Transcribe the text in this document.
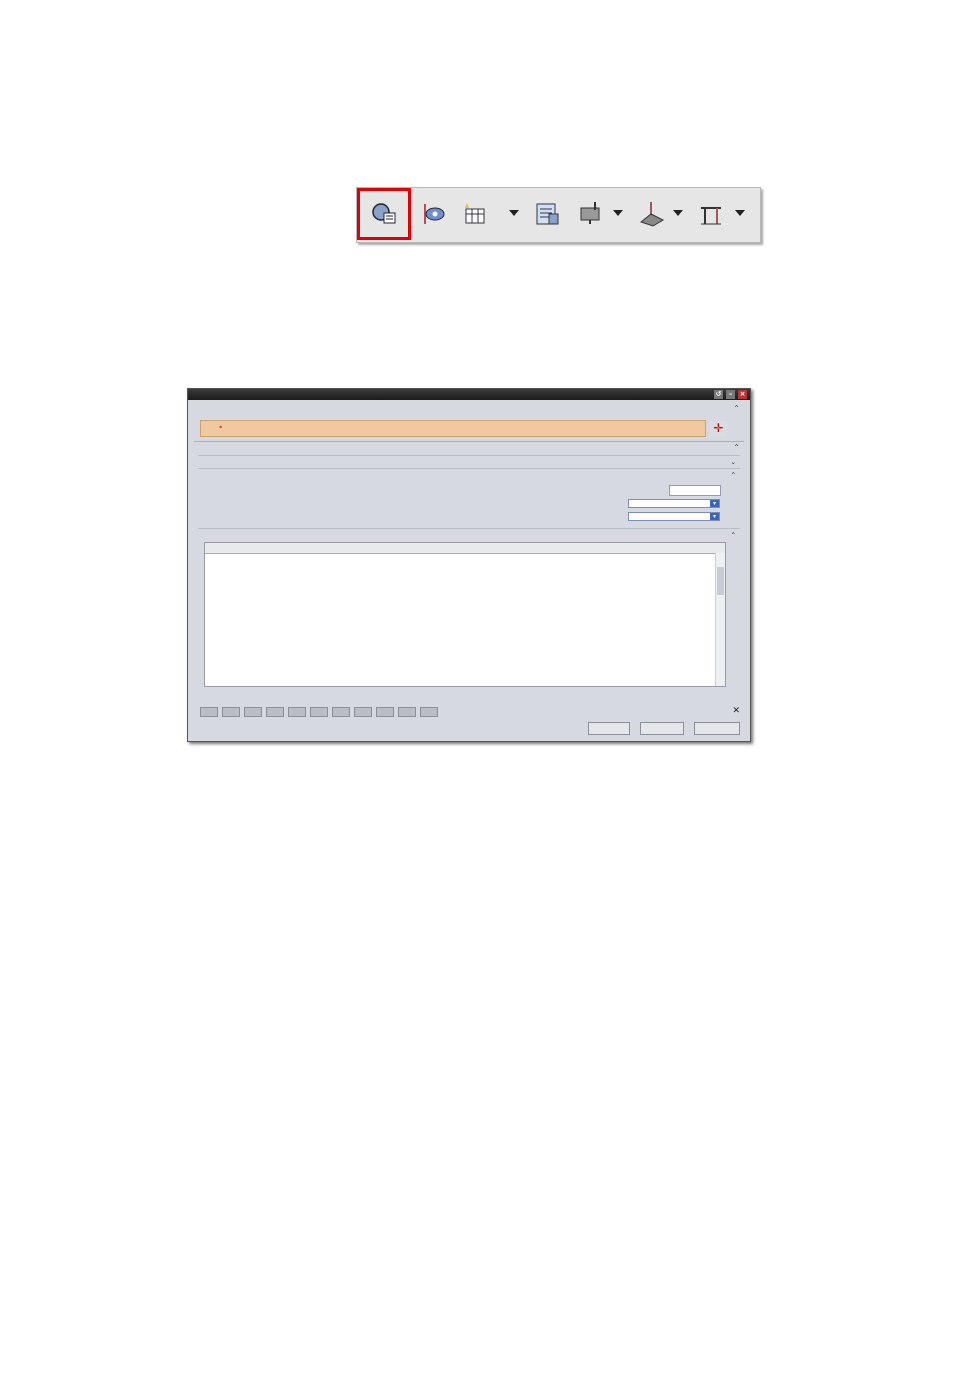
↺	–	×
⌃
*	✛
⌃
⌄
⌃
▾
▾
⌃
✕
